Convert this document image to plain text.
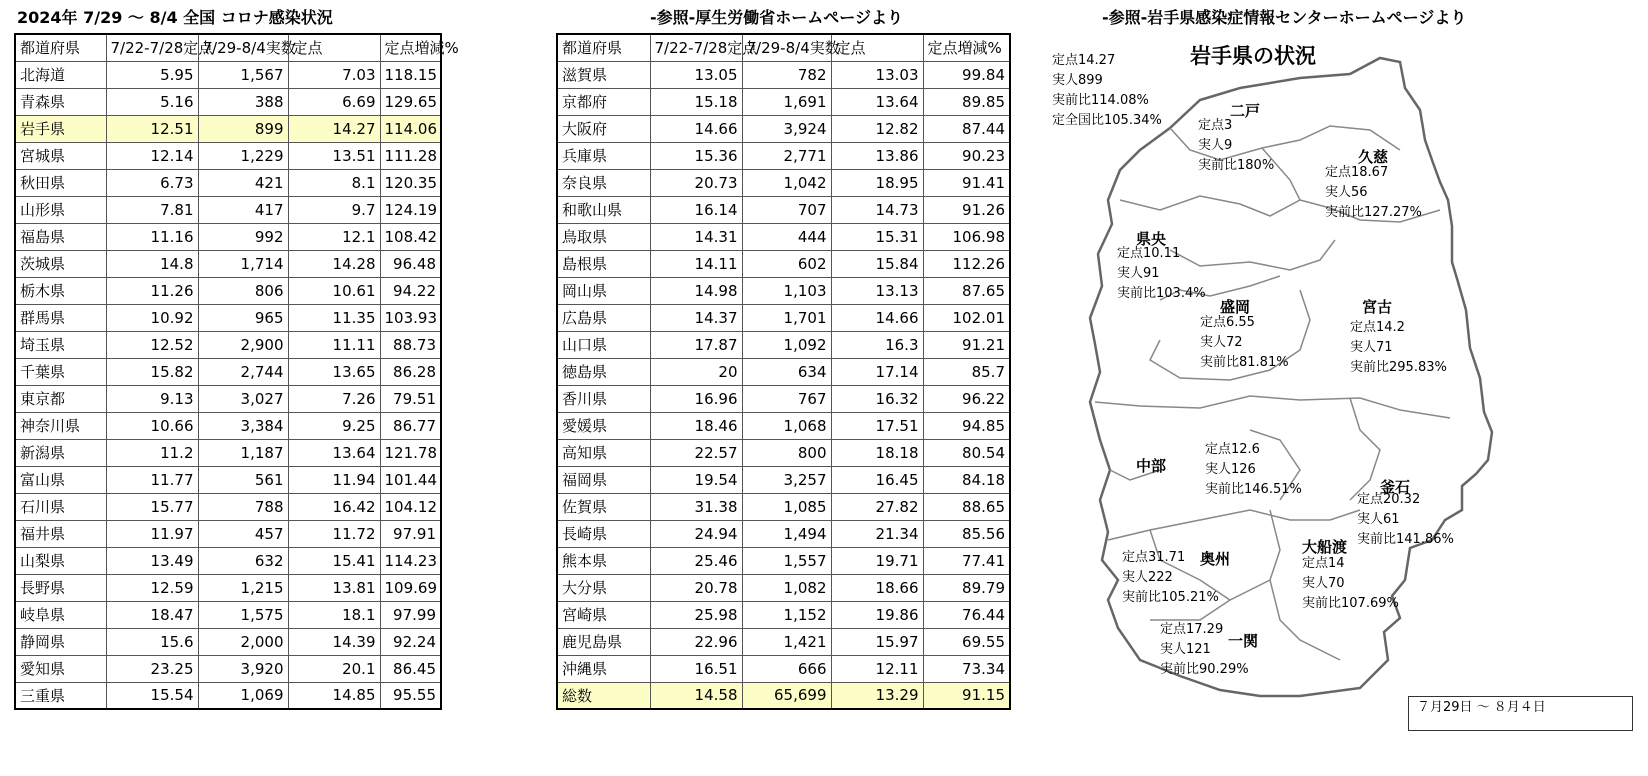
2024年 7/29 〜 8/4 全国 コロナ感染状況
都道府県	7/22-7/28定点	7/29-8/4実数	定点	定点増減%
北海道	5.95	1,567	7.03	118.15
青森県	5.16	388	6.69	129.65
岩手県	12.51	899	14.27	114.06
宮城県	12.14	1,229	13.51	111.28
秋田県	6.73	421	8.1	120.35
山形県	7.81	417	9.7	124.19
福島県	11.16	992	12.1	108.42
茨城県	14.8	1,714	14.28	96.48
栃木県	11.26	806	10.61	94.22
群馬県	10.92	965	11.35	103.93
埼玉県	12.52	2,900	11.11	88.73
千葉県	15.82	2,744	13.65	86.28
東京都	9.13	3,027	7.26	79.51
神奈川県	10.66	3,384	9.25	86.77
新潟県	11.2	1,187	13.64	121.78
富山県	11.77	561	11.94	101.44
石川県	15.77	788	16.42	104.12
福井県	11.97	457	11.72	97.91
山梨県	13.49	632	15.41	114.23
長野県	12.59	1,215	13.81	109.69
岐阜県	18.47	1,575	18.1	97.99
静岡県	15.6	2,000	14.39	92.24
愛知県	23.25	3,920	20.1	86.45
三重県	15.54	1,069	14.85	95.55
-参照-厚生労働省ホームページより
都道府県	7/22-7/28定点	7/29-8/4実数	定点	定点増減%
滋賀県	13.05	782	13.03	99.84
京都府	15.18	1,691	13.64	89.85
大阪府	14.66	3,924	12.82	87.44
兵庫県	15.36	2,771	13.86	90.23
奈良県	20.73	1,042	18.95	91.41
和歌山県	16.14	707	14.73	91.26
鳥取県	14.31	444	15.31	106.98
島根県	14.11	602	15.84	112.26
岡山県	14.98	1,103	13.13	87.65
広島県	14.37	1,701	14.66	102.01
山口県	17.87	1,092	16.3	91.21
徳島県	20	634	17.14	85.7
香川県	16.96	767	16.32	96.22
愛媛県	18.46	1,068	17.51	94.85
高知県	22.57	800	18.18	80.54
福岡県	19.54	3,257	16.45	84.18
佐賀県	31.38	1,085	27.82	88.65
長崎県	24.94	1,494	21.34	85.56
熊本県	25.46	1,557	19.71	77.41
大分県	20.78	1,082	18.66	89.79
宮崎県	25.98	1,152	19.86	76.44
鹿児島県	22.96	1,421	15.97	69.55
沖縄県	16.51	666	12.11	73.34
総数	14.58	65,699	13.29	91.15
-参照-岩手県感染症情報センターホームページより
岩手県の状況
定点14.27
実人899
実前比114.08%
定全国比105.34%
二戸
定点3
実人9
実前比180%	久慈
定点18.67
実人56
実前比127.27%
県央
定点10.11
実人91
実前比103.4%
盛岡
定点6.55
実人72
実前比81.81%
宮古
定点14.2
実人71
実前比295.83%
中部
定点12.6
実人126
実前比146.51%	釜石
定点20.32
実人61
実前比141.86%
奥州
定点31.71
実人222
実前比105.21%
大船渡
定点14
実人70
実前比107.69%
一関
定点17.29
実人121
実前比90.29%
７月29日 〜 ８月４日
